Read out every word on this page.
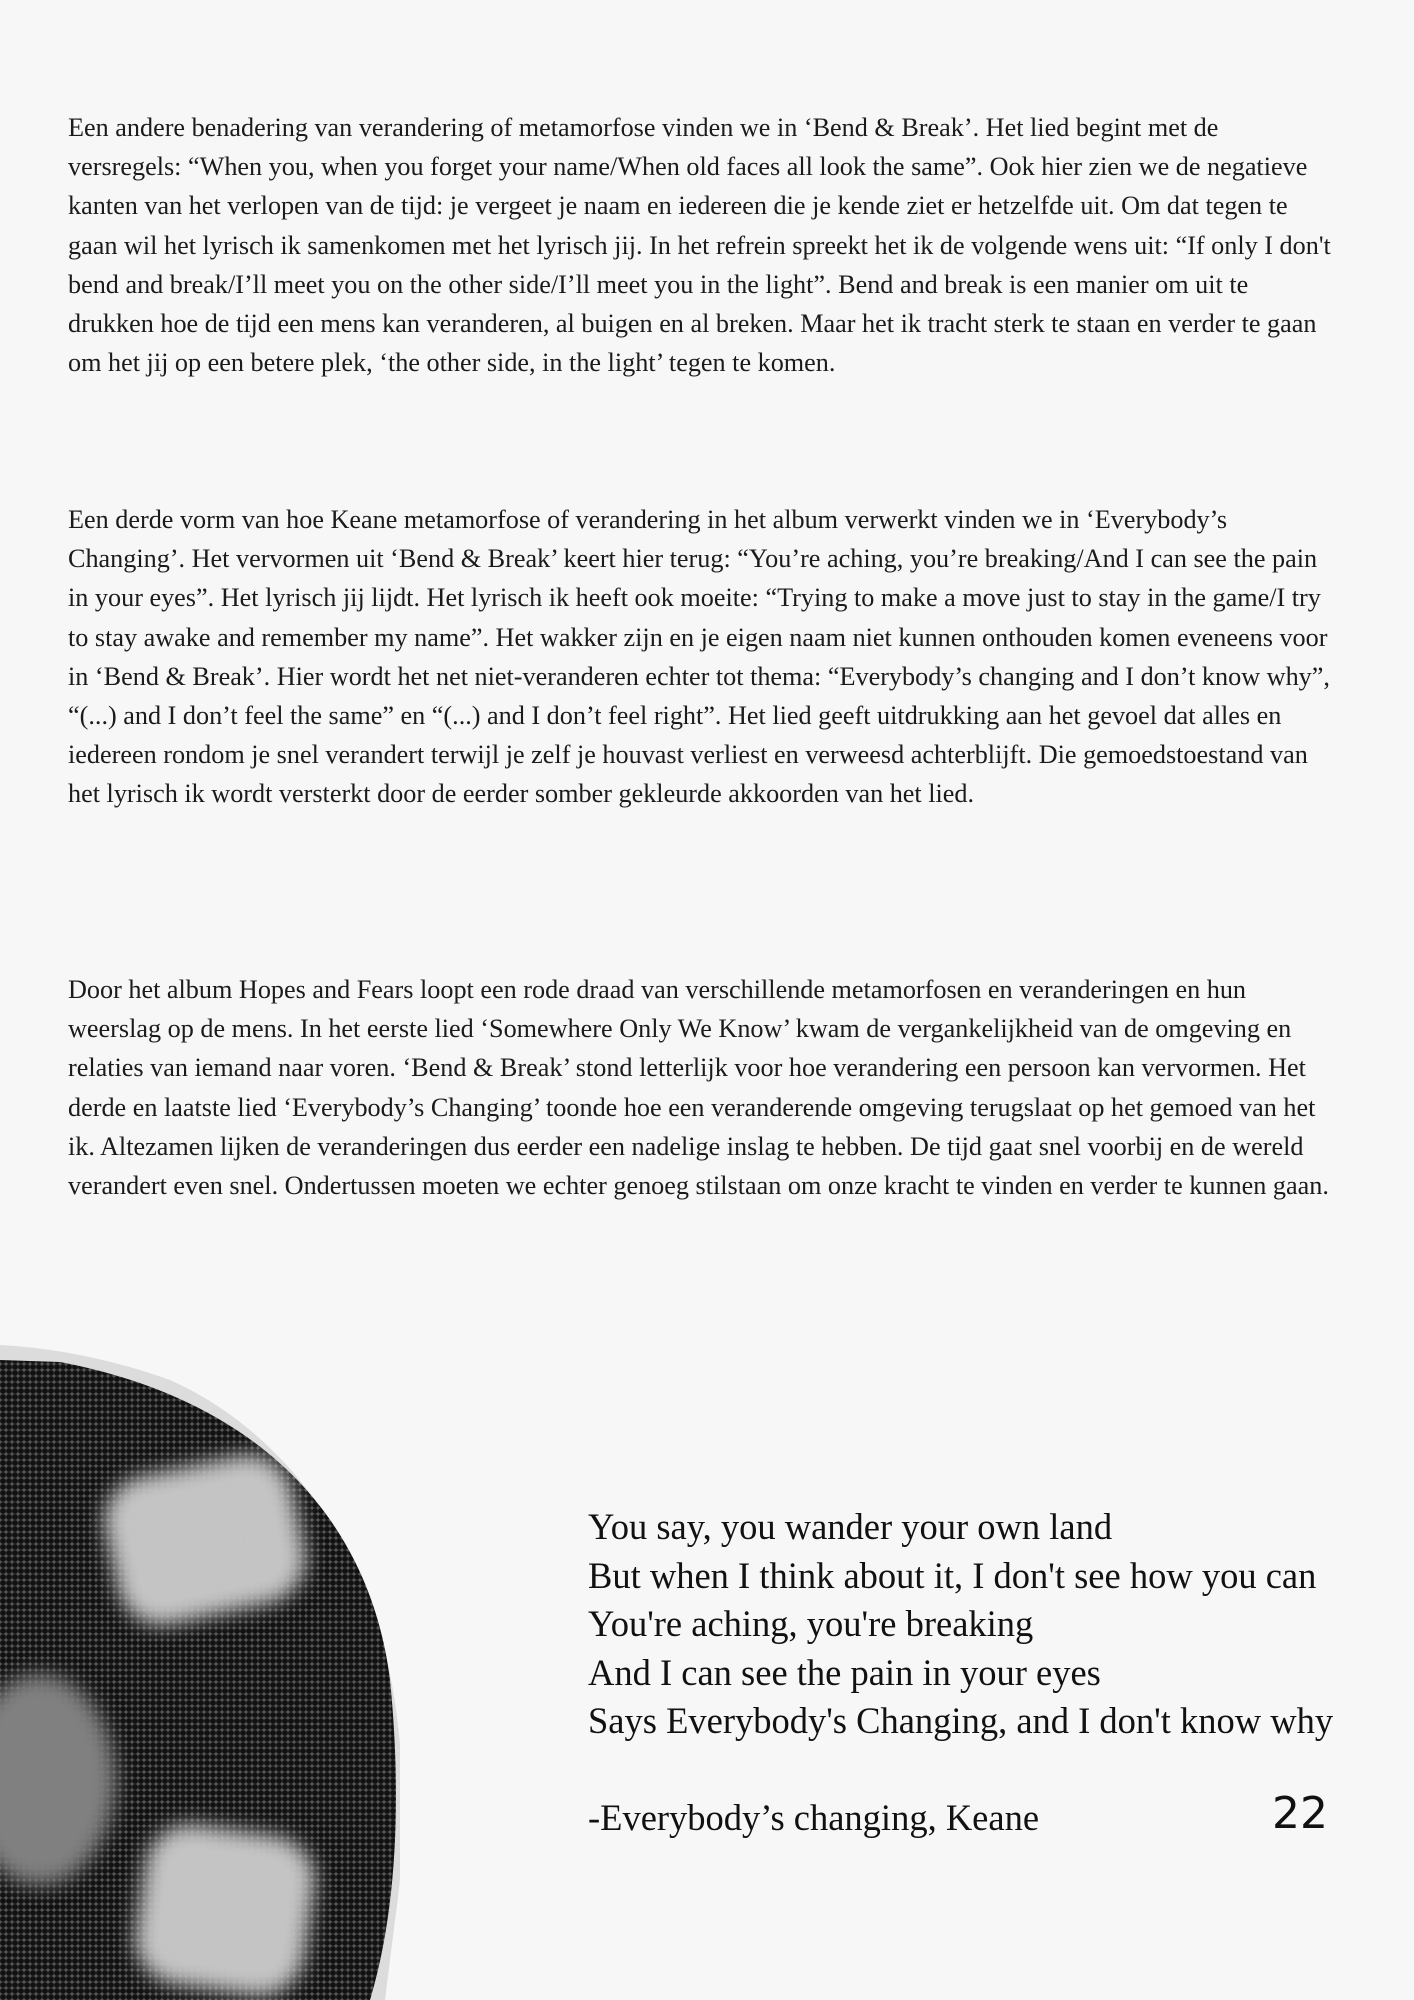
Een andere benadering van verandering of metamorfose vinden we in ‘Bend & Break’. Het lied begint met de versregels: “When you, when you forget your name/When old faces all look the same”. Ook hier zien we de negatieve kanten van het verlopen van de tijd: je vergeet je naam en iedereen die je kende ziet er hetzelfde uit. Om dat tegen te gaan wil het lyrisch ik samenkomen met het lyrisch jij. In het refrein spreekt het ik de volgende wens uit: “If only I don't bend and break/I’ll meet you on the other side/I’ll meet you in the light”. Bend and break is een manier om uit te drukken hoe de tijd een mens kan veranderen, al buigen en al breken. Maar het ik tracht sterk te staan en verder te gaan om het jij op een betere plek, ‘the other side, in the light’ tegen te komen.

Een derde vorm van hoe Keane metamorfose of verandering in het album verwerkt vinden we in ‘Everybody’s Changing’. Het vervormen uit ‘Bend & Break’ keert hier terug: “You’re aching, you’re breaking/And I can see the pain in your eyes”. Het lyrisch jij lijdt. Het lyrisch ik heeft ook moeite: “Trying to make a move just to stay in the game/I try to stay awake and remember my name”. Het wakker zijn en je eigen naam niet kunnen onthouden komen eveneens voor in ‘Bend & Break’. Hier wordt het net niet-veranderen echter tot thema: “Everybody’s changing and I don’t know why”, “(...) and I don’t feel the same” en “(...) and I don’t feel right”. Het lied geeft uitdrukking aan het gevoel dat alles en iedereen rondom je snel verandert terwijl je zelf je houvast verliest en verweesd achterblijft. Die gemoedstoestand van het lyrisch ik wordt versterkt door de eerder somber gekleurde akkoorden van het lied.

Door het album Hopes and Fears loopt een rode draad van verschillende metamorfosen en veranderingen en hun weerslag op de mens. In het eerste lied ‘Somewhere Only We Know’ kwam de vergankelijkheid van de omgeving en relaties van iemand naar voren. ‘Bend & Break’ stond letterlijk voor hoe verandering een persoon kan vervormen. Het derde en laatste lied ‘Everybody’s Changing’ toonde hoe een veranderende omgeving terugslaat op het gemoed van het ik. Altezamen lijken de veranderingen dus eerder een nadelige inslag te hebben. De tijd gaat snel voorbij en de wereld verandert even snel. Ondertussen moeten we echter genoeg stilstaan om onze kracht te vinden en verder te kunnen gaan.

You say, you wander your own land
But when I think about it, I don't see how you can
You're aching, you're breaking
And I can see the pain in your eyes
Says Everybody's Changing, and I don't know why
-Everybody’s changing, Keane	22
